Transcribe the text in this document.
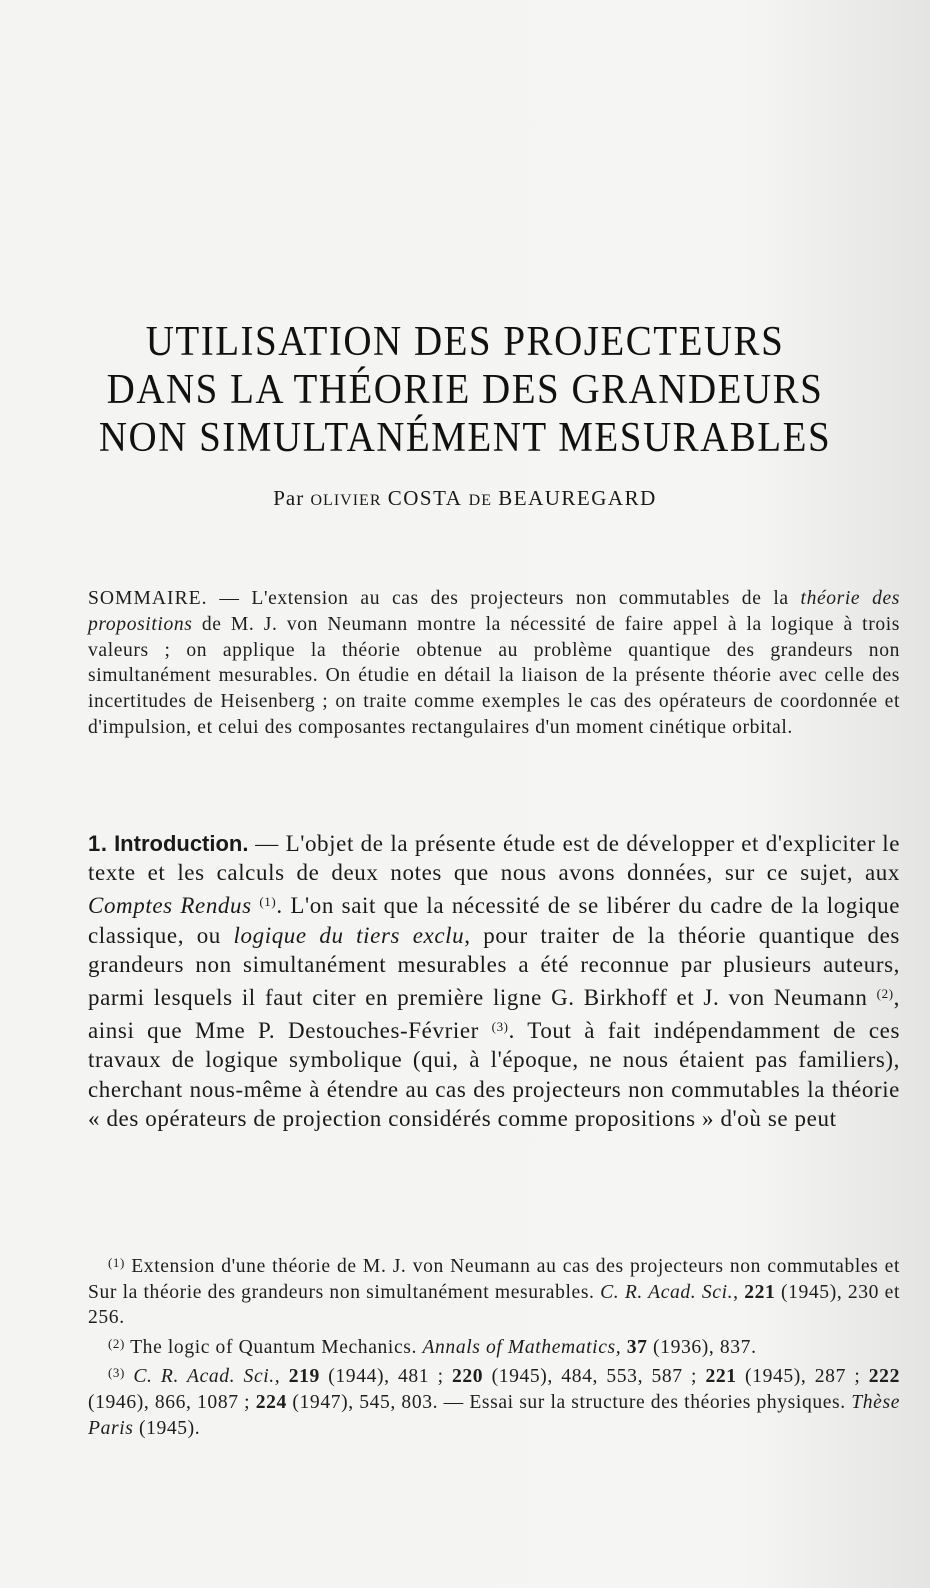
UTILISATION DES PROJECTEURS
DANS LA THÉORIE DES GRANDEURS
NON SIMULTANÉMENT MESURABLES
Par OLIVIER COSTA DE BEAUREGARD
SOMMAIRE. — L'extension au cas des projecteurs non commutables de la théorie des propositions de M. J. von Neumann montre la nécessité de faire appel à la logique à trois valeurs ; on applique la théorie obtenue au problème quantique des grandeurs non simultanément mesurables. On étudie en détail la liaison de la présente théorie avec celle des incertitudes de Heisenberg ; on traite comme exemples le cas des opérateurs de coordonnée et d'impulsion, et celui des composantes rectangulaires d'un moment cinétique orbital.
1. Introduction. — L'objet de la présente étude est de développer et d'expliciter le texte et les calculs de deux notes que nous avons données, sur ce sujet, aux Comptes Rendus $^{(1)}$. L'on sait que la nécessité de se libérer du cadre de la logique classique, ou logique du tiers exclu, pour traiter de la théorie quantique des grandeurs non simultanément mesurables a été reconnue par plusieurs auteurs, parmi lesquels il faut citer en première ligne G. Birkhoff et J. von Neumann $^{(2)}$, ainsi que Mme P. Destouches-Février $^{(3)}$. Tout à fait indépendamment de ces travaux de logique symbolique (qui, à l'époque, ne nous étaient pas familiers), cherchant nous-même à étendre au cas des projecteurs non commutables la théorie « des opérateurs de projection considérés comme propositions » d'où se peut

$^{(1)}$ Extension d'une théorie de M. J. von Neumann au cas des projecteurs non commutables et Sur la théorie des grandeurs non simultanément mesurables. C. R. Acad. Sci., 221 (1945), 230 et 256.

$^{(2)}$ The logic of Quantum Mechanics. Annals of Mathematics, 37 (1936), 837.

$^{(3)}$ C. R. Acad. Sci., 219 (1944), 481 ; 220 (1945), 484, 553, 587 ; 221 (1945), 287 ; 222 (1946), 866, 1087 ; 224 (1947), 545, 803. — Essai sur la structure des théories physiques. Thèse Paris (1945).
